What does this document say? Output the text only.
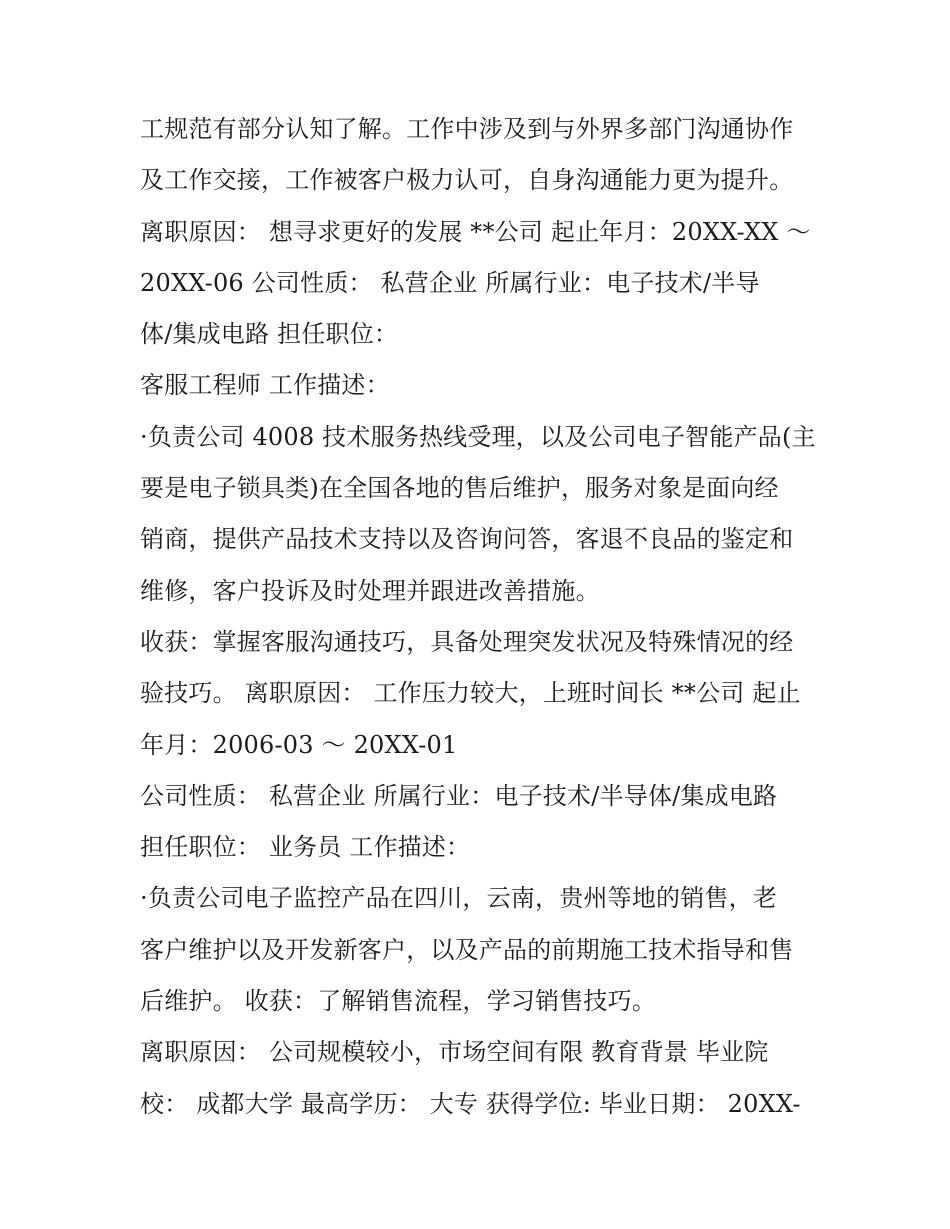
工规范有部分认知了解。工作中涉及到与外界多部门沟通协作
及工作交接，工作被客户极力认可，自身沟通能力更为提升。
离职原因： 想寻求更好的发展 **公司 起止年月：20XX-XX ～
20XX-06 公司性质： 私营企业 所属行业：电子技术/半导
体/集成电路 担任职位：
客服工程师 工作描述：
·负责公司 4008 技术服务热线受理，以及公司电子智能产品(主
要是电子锁具类)在全国各地的售后维护，服务对象是面向经
销商，提供产品技术支持以及咨询问答，客退不良品的鉴定和
维修，客户投诉及时处理并跟进改善措施。
收获：掌握客服沟通技巧，具备处理突发状况及特殊情况的经
验技巧。 离职原因： 工作压力较大，上班时间长 **公司 起止
年月：2006-03 ～ 20XX-01
公司性质： 私营企业 所属行业：电子技术/半导体/集成电路
担任职位： 业务员 工作描述：
·负责公司电子监控产品在四川，云南，贵州等地的销售，老
客户维护以及开发新客户，以及产品的前期施工技术指导和售
后维护。 收获：了解销售流程，学习销售技巧。
离职原因： 公司规模较小，市场空间有限 教育背景 毕业院
校： 成都大学 最高学历： 大专 获得学位: 毕业日期： 20XX-
